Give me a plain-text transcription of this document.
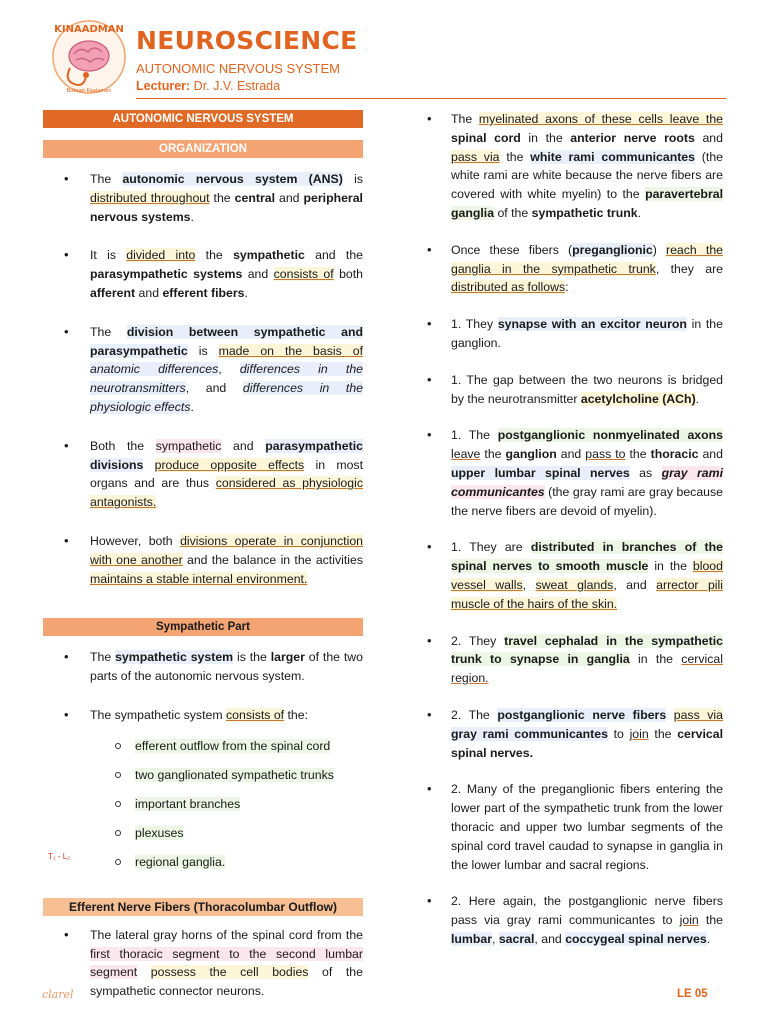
KINAADMAN
Buksan Kaalaman
NEUROSCIENCE
AUTONOMIC NERVOUS SYSTEM
Lecturer: Dr. J.V. Estrada
AUTONOMIC NERVOUS SYSTEM
ORGANIZATION
• The autonomic nervous system (ANS) is distributed throughout the central and peripheral nervous systems.
• It is divided into the sympathetic and the parasympathetic systems and consists of both afferent and efferent fibers.
• The division between sympathetic and parasympathetic is made on the basis of anatomic differences, differences in the neurotransmitters, and differences in the physiologic effects.
• Both the sympathetic and parasympathetic divisions produce opposite effects in most organs and are thus considered as physiologic antagonists.
• However, both divisions operate in conjunction with one another and the balance in the activities maintains a stable internal environment.
Sympathetic Part
• The sympathetic system is the larger of the two parts of the autonomic nervous system.
• The sympathetic system consists of the:
efferent outflow from the spinal cord
two ganglionated sympathetic trunks
important branches
plexuses
regional ganglia.
Efferent Nerve Fibers (Thoracolumbar Outflow)
• The lateral gray horns of the spinal cord from the first thoracic segment to the second lumbar segment possess the cell bodies of the sympathetic connector neurons.
T₁ - L₂
• The myelinated axons of these cells leave the spinal cord in the anterior nerve roots and pass via the white rami communicantes (the white rami are white because the nerve fibers are covered with white myelin) to the paravertebral ganglia of the sympathetic trunk.
• Once these fibers (preganglionic) reach the ganglia in the sympathetic trunk, they are distributed as follows:
• 1. They synapse with an excitor neuron in the ganglion.
• 1. The gap between the two neurons is bridged by the neurotransmitter acetylcholine (ACh).
• 1. The postganglionic nonmyelinated axons leave the ganglion and pass to the thoracic and upper lumbar spinal nerves as gray rami communicantes (the gray rami are gray because the nerve fibers are devoid of myelin).
• 1. They are distributed in branches of the spinal nerves to smooth muscle in the blood vessel walls, sweat glands, and arrector pili muscle of the hairs of the skin.
• 2. They travel cephalad in the sympathetic trunk to synapse in ganglia in the cervical region.
• 2. The postganglionic nerve fibers pass via gray rami communicantes to join the cervical spinal nerves.
• 2. Many of the preganglionic fibers entering the lower part of the sympathetic trunk from the lower thoracic and upper two lumbar segments of the spinal cord travel caudad to synapse in ganglia in the lower lumbar and sacral regions.
• 2. Here again, the postganglionic nerve fibers pass via gray rami communicantes to join the lumbar, sacral, and coccygeal spinal nerves.
clarel	LE 05
